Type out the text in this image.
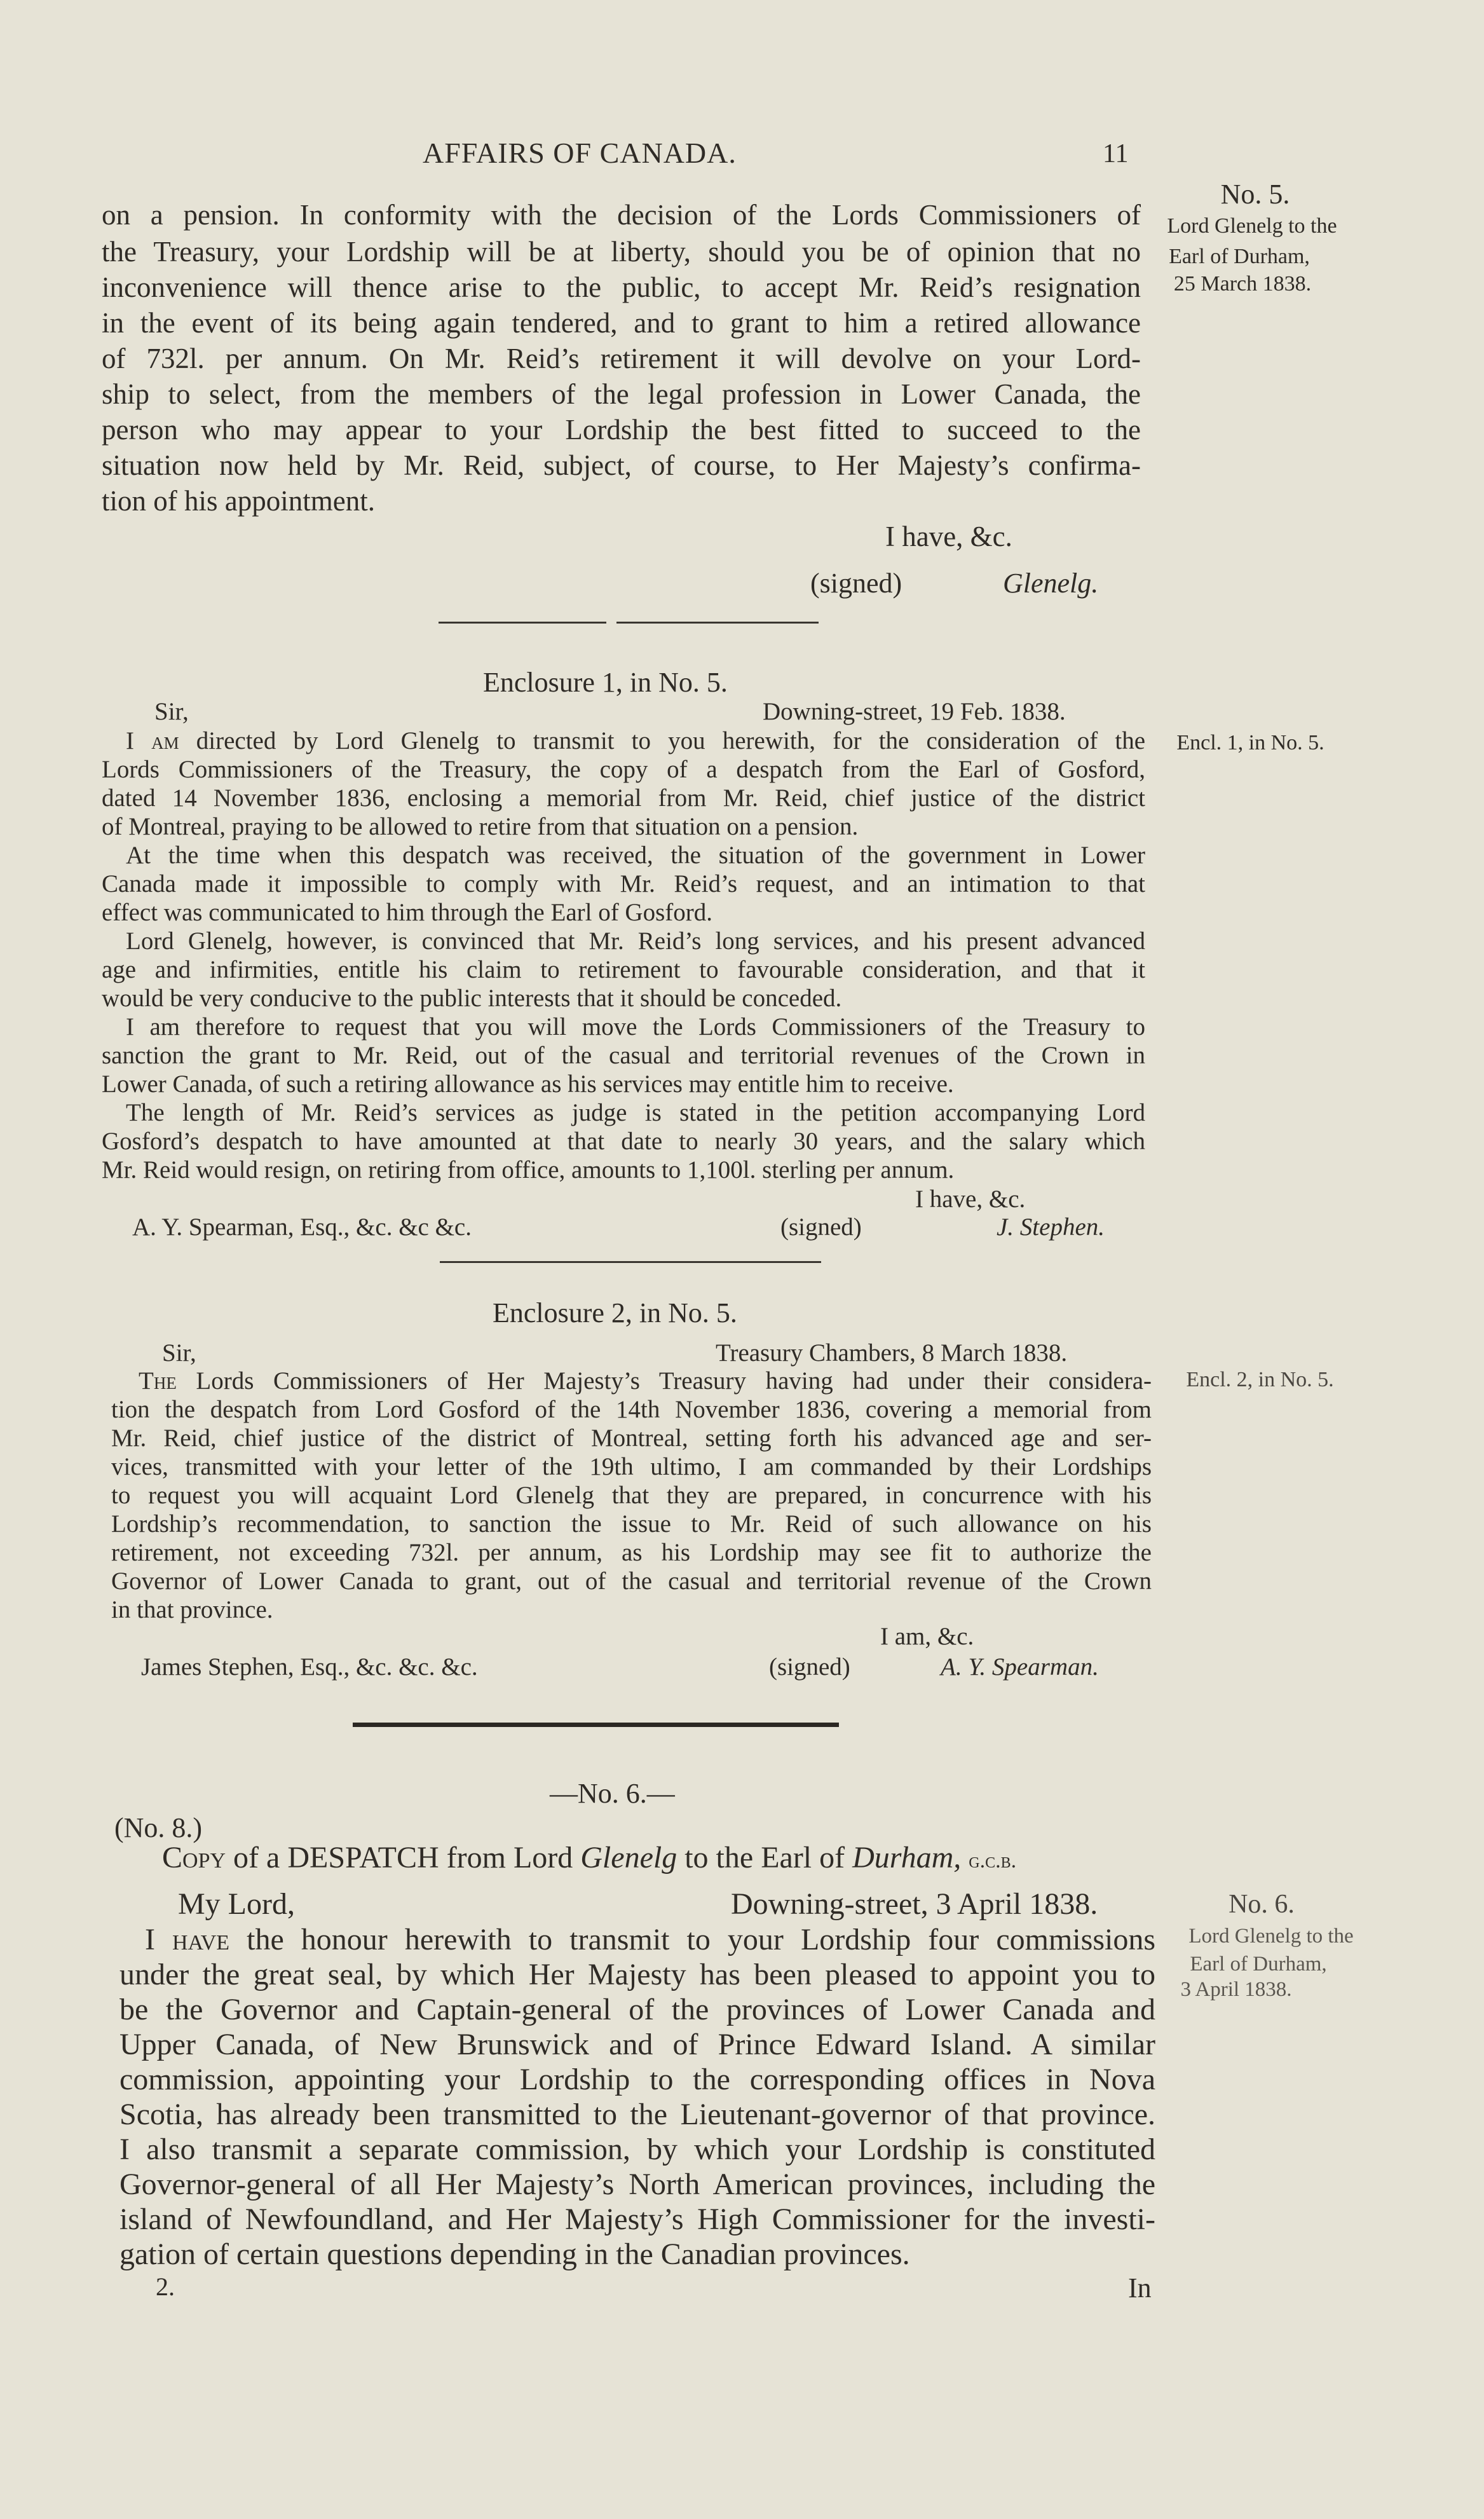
AFFAIRS OF CANADA.	11
No. 5.
Lord Glenelg to the
Earl of Durham,
25 March 1838.
on a pension. In conformity with the decision of the Lords Commissioners of
the Treasury, your Lordship will be at liberty, should you be of opinion that no
inconvenience will thence arise to the public, to accept Mr. Reid’s resignation
in the event of its being again tendered, and to grant to him a retired allowance
of 732l. per annum. On Mr. Reid’s retirement it will devolve on your Lord-
ship to select, from the members of the legal profession in Lower Canada, the
person who may appear to your Lordship the best fitted to succeed to the
situation now held by Mr. Reid, subject, of course, to Her Majesty’s confirma-
tion of his appointment.
I have, &c.
(signed)	Glenelg.
Enclosure 1, in No. 5.
Sir,	Downing-street, 19 Feb. 1838.
Encl. 1, in No. 5.
I am directed by Lord Glenelg to transmit to you herewith, for the consideration of the
Lords Commissioners of the Treasury, the copy of a despatch from the Earl of Gosford,
dated 14 November 1836, enclosing a memorial from Mr. Reid, chief justice of the district
of Montreal, praying to be allowed to retire from that situation on a pension.
At the time when this despatch was received, the situation of the government in Lower
Canada made it impossible to comply with Mr. Reid’s request, and an intimation to that
effect was communicated to him through the Earl of Gosford.
Lord Glenelg, however, is convinced that Mr. Reid’s long services, and his present advanced
age and infirmities, entitle his claim to retirement to favourable consideration, and that it
would be very conducive to the public interests that it should be conceded.
I am therefore to request that you will move the Lords Commissioners of the Treasury to
sanction the grant to Mr. Reid, out of the casual and territorial revenues of the Crown in
Lower Canada, of such a retiring allowance as his services may entitle him to receive.
The length of Mr. Reid’s services as judge is stated in the petition accompanying Lord
Gosford’s despatch to have amounted at that date to nearly 30 years, and the salary which
Mr. Reid would resign, on retiring from office, amounts to 1,100l. sterling per annum.
I have, &c.
A. Y. Spearman, Esq., &c. &c &c.	(signed)	J. Stephen.
Enclosure 2, in No. 5.
Sir,	Treasury Chambers, 8 March 1838.
Encl. 2, in No. 5.
The Lords Commissioners of Her Majesty’s Treasury having had under their considera-
tion the despatch from Lord Gosford of the 14th November 1836, covering a memorial from
Mr. Reid, chief justice of the district of Montreal, setting forth his advanced age and ser-
vices, transmitted with your letter of the 19th ultimo, I am commanded by their Lordships
to request you will acquaint Lord Glenelg that they are prepared, in concurrence with his
Lordship’s recommendation, to sanction the issue to Mr. Reid of such allowance on his
retirement, not exceeding 732l. per annum, as his Lordship may see fit to authorize the
Governor of Lower Canada to grant, out of the casual and territorial revenue of the Crown
in that province.
I am, &c.
James Stephen, Esq., &c. &c. &c.	(signed)	A. Y. Spearman.
—No. 6.—
(No. 8.)
Copy of a DESPATCH from Lord Glenelg to the Earl of Durham, g.c.b.
My Lord,	Downing-street, 3 April 1838.	No. 6.
Lord Glenelg to the
Earl of Durham,
3 April 1838.
I have the honour herewith to transmit to your Lordship four commissions
under the great seal, by which Her Majesty has been pleased to appoint you to
be the Governor and Captain-general of the provinces of Lower Canada and
Upper Canada, of New Brunswick and of Prince Edward Island. A similar
commission, appointing your Lordship to the corresponding offices in Nova
Scotia, has already been transmitted to the Lieutenant-governor of that province.
I also transmit a separate commission, by which your Lordship is constituted
Governor-general of all Her Majesty’s North American provinces, including the
island of Newfoundland, and Her Majesty’s High Commissioner for the investi-
gation of certain questions depending in the Canadian provinces.
2.	In
